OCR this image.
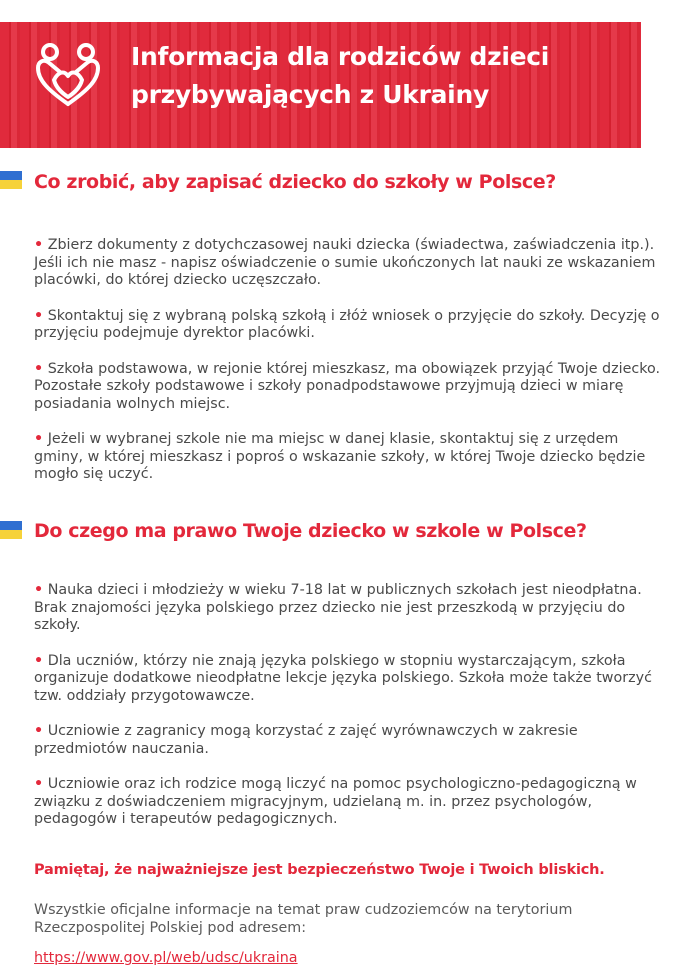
Informacja dla rodziców dzieci
przybywających z Ukrainy
Co zrobić, aby zapisać dziecko do szkoły w Polsce?
• Zbierz dokumenty z dotychczasowej nauki dziecka (świadectwa, zaświadczenia itp.). Jeśli ich nie masz - napisz oświadczenie o sumie ukończonych lat nauki ze wskazaniem placówki, do której dziecko uczęszczało.
• Skontaktuj się z wybraną polską szkołą i złóż wniosek o przyjęcie do szkoły. Decyzję o przyjęciu podejmuje dyrektor placówki.
• Szkoła podstawowa, w rejonie której mieszkasz, ma obowiązek przyjąć Twoje dziecko. Pozostałe szkoły podstawowe i szkoły ponadpodstawowe przyjmują dzieci w miarę posiadania wolnych miejsc.
• Jeżeli w wybranej szkole nie ma miejsc w danej klasie, skontaktuj się z urzędem gminy, w której mieszkasz i poproś o wskazanie szkoły, w której Twoje dziecko będzie mogło się uczyć.
Do czego ma prawo Twoje dziecko w szkole w Polsce?
• Nauka dzieci i młodzieży w wieku 7-18 lat w publicznych szkołach jest nieodpłatna. Brak znajomości języka polskiego przez dziecko nie jest przeszkodą w przyjęciu do szkoły.
• Dla uczniów, którzy nie znają języka polskiego w stopniu wystarczającym, szkoła organizuje dodatkowe nieodpłatne lekcje języka polskiego. Szkoła może także tworzyć tzw. oddziały przygotowawcze.
• Uczniowie z zagranicy mogą korzystać z zajęć wyrównawczych w zakresie przedmiotów nauczania.
• Uczniowie oraz ich rodzice mogą liczyć na pomoc psychologiczno-pedagogiczną w związku z doświadczeniem migracyjnym, udzielaną m. in. przez psychologów, pedagogów i terapeutów pedagogicznych.
Pamiętaj, że najważniejsze jest bezpieczeństwo Twoje i Twoich bliskich.
Wszystkie oficjalne informacje na temat praw cudzoziemców na terytorium Rzeczpospolitej Polskiej pod adresem:
https://www.gov.pl/web/udsc/ukraina
